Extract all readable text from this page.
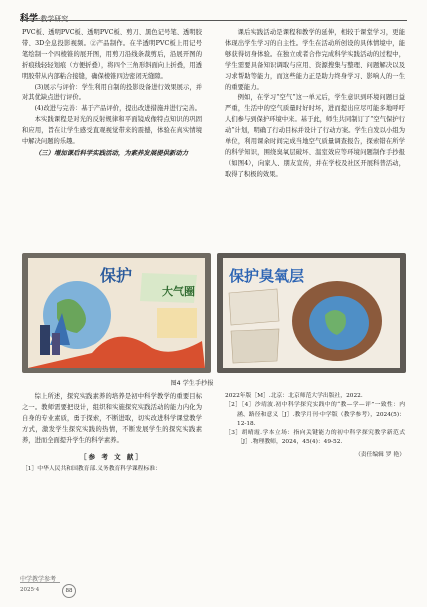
科学·教学研究

PVC板、透明PVC板、透明PVC板、剪刀、黑色记号笔、透明胶带、3D全息投影视频。②产品制作。在半透明PVC板上用记号笔绘制一个四棱锥的展开图，用剪刀沿线条裁剪后，沿展开图的折痕线轻轻划痕（方便折叠），将四个三角形斜面向上折叠，用透明胶带从内部粘合接缝，确保棱锥四边密闭无缝隙。

(3)展示与评价：学生利用自制的投影设备进行效果展示，并对其优缺点进行评价。

(4)改进与完善：基于产品评价，提出改进措施并进行完善。

本实践课程是对光的反射规律和平面镜成像特点知识的巩固和应用，旨在让学生感受直观视觉带来的震撼，体验在真实情境中解决问题的乐趣。

（三）增加课后科学实践活动，为素养发展提供新动力

课后实践活动是课程和教学的延伸，相较于课堂学习，更能体现出学生学习的自主性。学生在活动所创设的具体情境中，能够获得切身体验。在独立或者合作完成科学实践活动的过程中，学生需要具备知识调取与应用、资源搜集与整理、问题解决以及习求帮助等能力，而这些能力正是助力终身学习、影响人的一生的重要能力。

例如，在学习“空气”这一单元后，学生意识到环境问题日益严重，生活中的空气质量时好时坏，进而提出应尽可能多地呼吁人们参与到保护环境中来。基于此，师生共同制订了“空气保护行动”计划，明确了行动目标并设计了行动方案。学生自发以小组为单位，利用课余时间完成当地空气质量调查报告，探索错在所学的科学知识，围绕臭氧层破坏、温室效应等环境问题制作手抄报（如图4），向家人、朋友宣传，并在学校及社区开展科普活动，取得了积极的效果。

保护
大气圈
保护臭氧层
图4 学生手抄报

综上所述，探究实践素养的培养是初中科学教学的重要目标之一。教师需要把设计，组织和实施探究实践活动的能力内化为自身的专业素质，勇于探索，不断进取，切实改进科学课堂教学方式，激发学生探究实践的热情，不断发展学生的探究实践素养，进而全面提升学生的科学素养。

［参 考 文 献］
［1］中华人民共和国教育部.义务教育科学课程标准：
2022年版［M］.北京：北京师范大学出版社，2022.
［2］［4］沙靖波.初中科学探究实践中的“教—学—评”一致性：内涵、路径和意义［J］.教学月刊·中学版（教学参考），2024(5)：12-18.
［3］胡晴霞.学本立场：指向关键能力的初中科学探究教学新范式［J］.物理教师，2024，45(4)：49-52.
（责任编辑 罗 艳）
中学教学参考
2025·4	88
